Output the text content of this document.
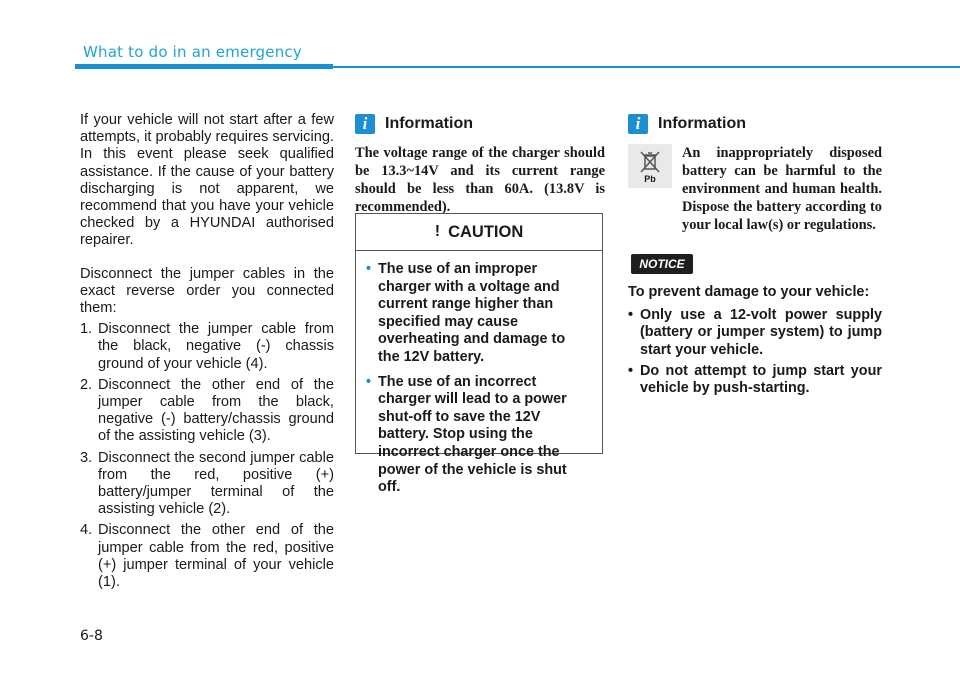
What to do in an emergency

If your vehicle will not start after a few attempts, it probably requires servicing. In this event please seek qualified assistance. If the cause of your battery discharging is not apparent, we recommend that you have your vehicle checked by a HYUNDAI authorised repairer.

Disconnect the jumper cables in the exact reverse order you connected them:

1. Disconnect the jumper cable from the black, negative (-) chassis ground of your vehicle (4).
2. Disconnect the other end of the jumper cable from the black, negative (-) battery/chassis ground of the assisting vehicle (3).
3. Disconnect the second jumper cable from the red, positive (+) battery/jumper terminal of the assisting vehicle (2).
4. Disconnect the other end of the jumper cable from the red, positive (+) jumper terminal of your vehicle (1).
i	Information

The voltage range of the charger should be 13.3~14V and its current range should be less than 60A. (13.8V is recommended).

! CAUTION
• The use of an improper charger with a voltage and current range higher than specified may cause overheating and damage to the 12V battery.
• The use of an incorrect charger will lead to a power shut-off to save the 12V battery. Stop using the incorrect charger once the power of the vehicle is shut off.
i	Information
Pb

An inappropriately disposed battery can be harmful to the environment and human health. Dispose the battery according to your local law(s) or regulations.

NOTICE

To prevent damage to your vehicle:

• Only use a 12-volt power supply (battery or jumper system) to jump start your vehicle.
• Do not attempt to jump start your vehicle by push-starting.
6-8
